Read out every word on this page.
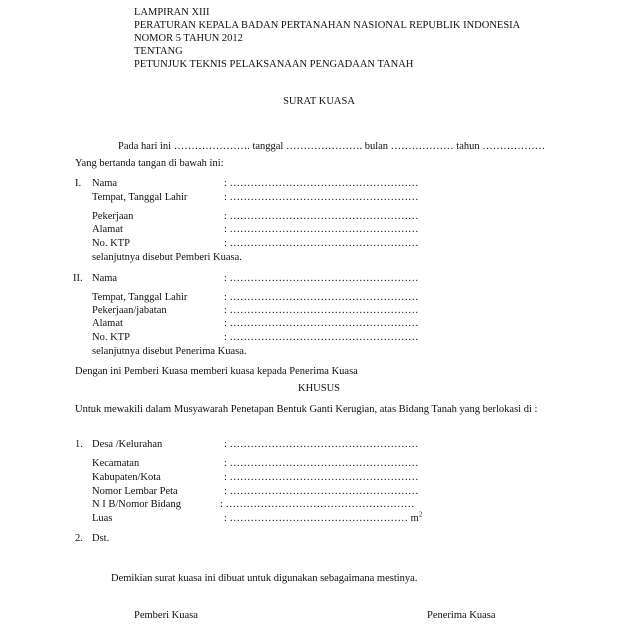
LAMPIRAN XIII
PERATURAN KEPALA BADAN PERTANAHAN NASIONAL REPUBLIK INDONESIA
NOMOR 5 TAHUN 2012
TENTANG
PETUNJUK TEKNIS PELAKSANAAN PENGADAAN TANAH
SURAT KUASA
Pada hari ini …………………. tanggal …………………. bulan ……………… tahun ………………
Yang bertanda tangan di bawah ini:
I. Nama	: ………………………………………………
Tempat, Tanggal Lahir	: ………………………………………………
Pekerjaan	: ………………………………………………
Alamat	: ………………………………………………
No. KTP	: ………………………………………………
selanjutnya disebut Pemberi Kuasa.
II. Nama	: ………………………………………………
Tempat, Tanggal Lahir	: ………………………………………………
Pekerjaan/jabatan	: ………………………………………………
Alamat	: ………………………………………………
No. KTP	: ………………………………………………
selanjutnya disebut Penerima Kuasa.
Dengan ini Pemberi Kuasa memberi kuasa kepada Penerima Kuasa
KHUSUS
Untuk mewakili dalam Musyawarah Penetapan Bentuk Ganti Kerugian, atas Bidang Tanah yang berlokasi di :
1. Desa /Kelurahan	: ………………………………………………
Kecamatan	: ………………………………………………
Kabupaten/Kota	: ………………………………………………
Nomor Lembar Peta	: ………………………………………………
N I B/Nomor Bidang	: ………………………………………………
Luas	: …………………………………………… $m^2$
2. Dst.
Demikian surat kuasa ini dibuat untuk digunakan sebagaimana mestinya.
Pemberi Kuasa	Penerima Kuasa
